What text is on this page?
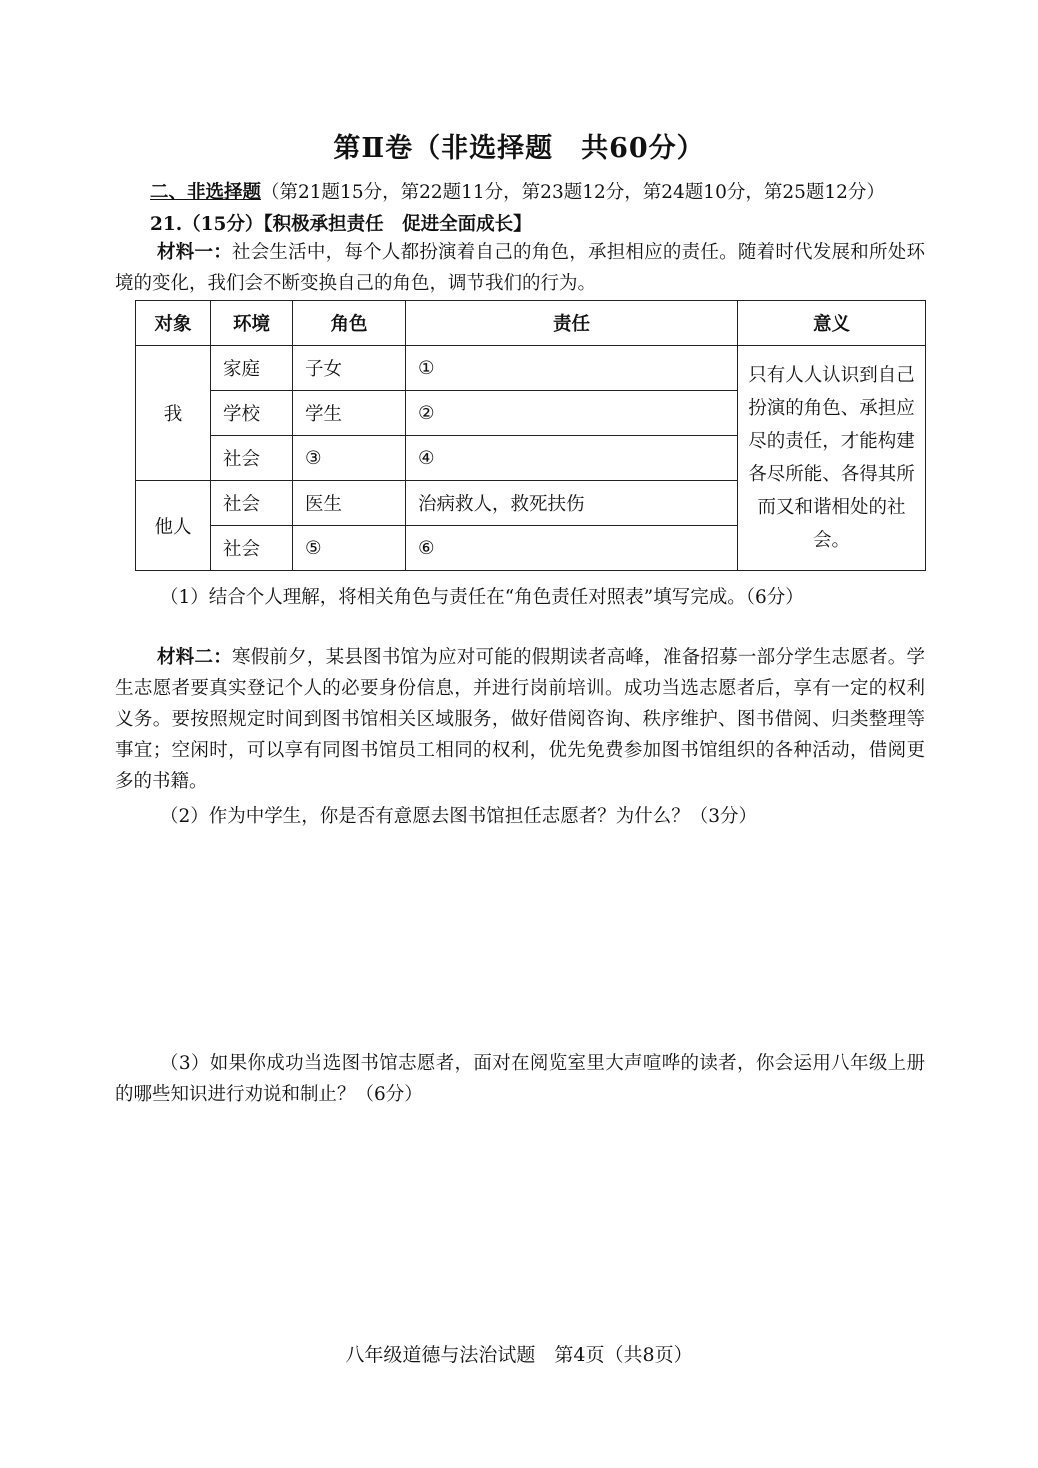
第Ⅱ卷（非选择题　共60分）
二、非选择题（第21题15分，第22题11分，第23题12分，第24题10分，第25题12分）
21.（15分）【积极承担责任　促进全面成长】
材料一：社会生活中，每个人都扮演着自己的角色，承担相应的责任。随着时代发展和所处环境的变化，我们会不断变换自己的角色，调节我们的行为。
对象	环境	角色	责任	意义
我	家庭	子女	①	只有人人认识到自己扮演的角色、承担应尽的责任，才能构建各尽所能、各得其所而又和谐相处的社会。
	学校	学生	②	
	社会	③	④	
他人	社会	医生	治病救人，救死扶伤	
	社会	⑤	⑥	
（1）结合个人理解，将相关角色与责任在“角色责任对照表”填写完成。（6分）
材料二：寒假前夕，某县图书馆为应对可能的假期读者高峰，准备招募一部分学生志愿者。学生志愿者要真实登记个人的必要身份信息，并进行岗前培训。成功当选志愿者后，享有一定的权利义务。要按照规定时间到图书馆相关区域服务，做好借阅咨询、秩序维护、图书借阅、归类整理等事宜；空闲时，可以享有同图书馆员工相同的权利，优先免费参加图书馆组织的各种活动，借阅更多的书籍。
（2）作为中学生，你是否有意愿去图书馆担任志愿者？为什么？（3分）
（3）如果你成功当选图书馆志愿者，面对在阅览室里大声喧哗的读者，你会运用八年级上册的哪些知识进行劝说和制止？（6分）
八年级道德与法治试题　第4页（共8页）
